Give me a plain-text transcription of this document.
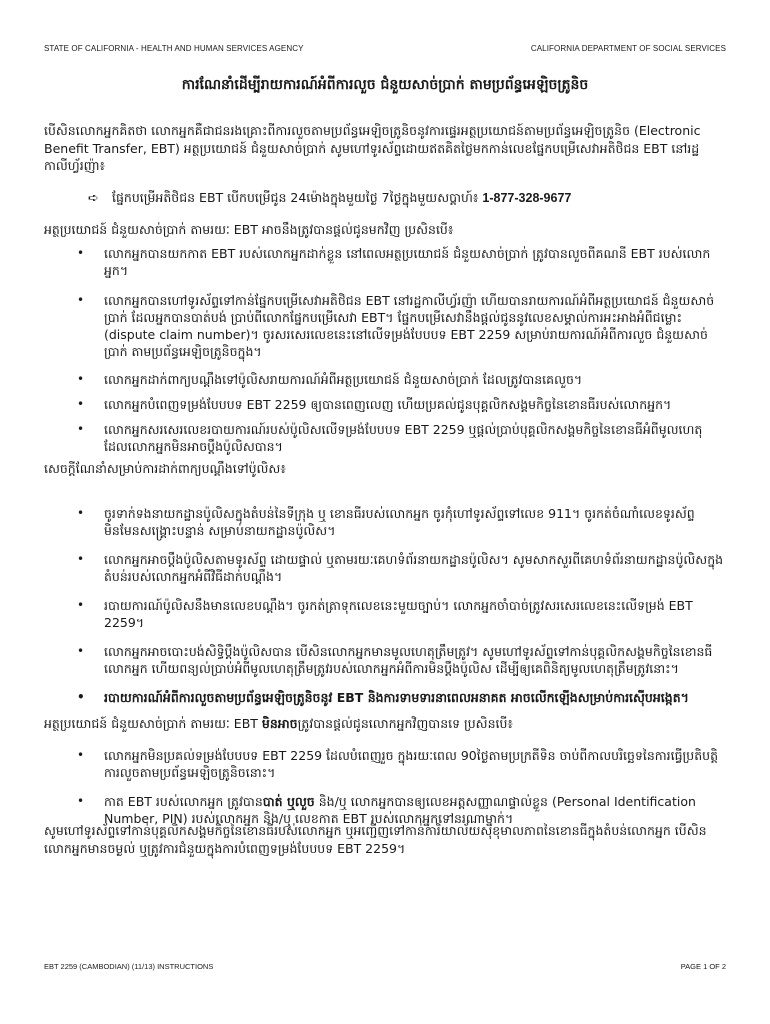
STATE OF CALIFORNIA - HEALTH AND HUMAN SERVICES AGENCY	CALIFORNIA DEPARTMENT OF SOCIAL SERVICES
ការណែនាំដើម្បីរាយការណ៍អំពីការលួច ជំនួយសាច់ប្រាក់ តាមប្រព័ន្ធអេឡិចត្រូនិច
បើសិនលោកអ្នកគិតថា លោកអ្នកគឺជាជនរងគ្រោះពីការលួចតាមប្រព័ន្ធអេឡិចត្រូនិចនូវការផ្ទេរអត្ថប្រយោជន៍តាមប្រព័ន្ធអេឡិចត្រូនិច (Electronic Benefit Transfer, EBT) អត្ថប្រយោជន៍ ជំនួយសាច់ប្រាក់ សូមហៅទូរស័ព្ទដោយឥតគិតថ្លៃមកកាន់លេខផ្នែកបម្រើសេវាអតិថិជន EBT នៅរដ្ឋកាលីហ្វ័រញ៉ា៖
➪ ផ្នែកបម្រើអតិថិជន EBT បើកបម្រើជូន 24ម៉ោងក្នុងមួយថ្ងៃ 7ថ្ងៃក្នុងមួយសប្តាហ៍៖ 1-877-328-9677
អត្ថប្រយោជន៍ ជំនួយសាច់ប្រាក់ តាមរយៈ EBT អាចនឹងត្រូវបានផ្តល់ជូនមកវិញ ប្រសិនបើ៖
• លោកអ្នកបានយកកាត EBT របស់លោកអ្នកដាក់ខ្លួន នៅពេលអត្ថប្រយោជន៍ ជំនួយសាច់ប្រាក់ ត្រូវបានលួចពីគណនី EBT របស់លោកអ្នក។
• លោកអ្នកបានហៅទូរស័ព្ទទៅកាន់ផ្នែកបម្រើសេវាអតិថិជន EBT នៅរដ្ឋកាលីហ្វ័រញ៉ា ហើយបានរាយការណ៍អំពីអត្ថប្រយោជន៍ ជំនួយសាច់ប្រាក់ ដែលអ្នកបានបាត់បង់ ប្រាប់ពីលោកផ្នែកបម្រើសេវា EBT។ ផ្នែកបម្រើសេវានឹងផ្តល់ជូននូវលេខសម្គាល់ការអះអាងអំពីជម្លោះ (dispute claim number)។ ចូរសរសេរលេខនេះនៅលើទម្រង់បែបបទ EBT 2259 សម្រាប់រាយការណ៍អំពីការលួច ជំនួយសាច់ប្រាក់ តាមប្រព័ន្ធអេឡិចត្រូនិចក្នុង។
• លោកអ្នកដាក់ពាក្យបណ្តឹងទៅប៉ូលិសរាយការណ៍អំពីអត្ថប្រយោជន៍ ជំនួយសាច់ប្រាក់ ដែលត្រូវបានគេលួច។
• លោកអ្នកបំពេញទម្រង់បែបបទ EBT 2259 ឲ្យបានពេញលេញ ហើយប្រគល់ជូនបុគ្គលិកសង្គមកិច្ចនៃខោនធីរបស់លោកអ្នក។
• លោកអ្នកសរសេរលេខរបាយការណ៍របស់ប៉ូលិសលើទម្រង់បែបបទ EBT 2259 ឬផ្តល់ប្រាប់បុគ្គលិកសង្គមកិច្ចនៃខោនធីអំពីមូលហេតុ ដែលលោកអ្នកមិនអាចប្តឹងប៉ូលិសបាន។
សេចក្តីណែនាំសម្រាប់ការដាក់ពាក្យបណ្តឹងទៅប៉ូលិស៖
• ចូរទាក់ទងនាយកដ្ឋានប៉ូលិសក្នុងតំបន់នៃទីក្រុង ឬ ខោនធីរបស់លោកអ្នក ចូរកុំហៅទូរស័ព្ទទៅលេខ 911។ ចូរកត់ចំណាំលេខទូរស័ព្ទមិនមែនសង្គ្រោះបន្ទាន់ សម្រាប់នាយកដ្ឋានប៉ូលិស។
• លោកអ្នកអាចប្តឹងប៉ូលិសតាមទូរស័ព្ទ ដោយផ្ទាល់ ឬតាមរយៈគេហទំព័រនាយកដ្ឋានប៉ូលិស។ សូមសាកសួរពីគេហទំព័រនាយកដ្ឋានប៉ូលិសក្នុងតំបន់របស់លោកអ្នកអំពីវិធីដាក់បណ្តឹង។
• របាយការណ៍ប៉ូលិសនឹងមានលេខបណ្តឹង។ ចូរកត់ត្រាទុកលេខនេះមួយច្បាប់។ លោកអ្នកចាំបាច់ត្រូវសរសេរលេខនេះលើទម្រង់ EBT 2259។
• លោកអ្នកអាចបោះបង់សិទ្ធិប្តឹងប៉ូលិសបាន បើសិនលោកអ្នកមានមូលហេតុត្រឹមត្រូវ។ សូមហៅទូរស័ព្ទទៅកាន់បុគ្គលិកសង្គមកិច្ចនៃខោនធីលោកអ្នក ហើយពន្យល់ប្រាប់អំពីមូលហេតុត្រឹមត្រូវរបស់លោកអ្នកអំពីការមិនប្តឹងប៉ូលិស ដើម្បីឲ្យគេពិនិត្យមូលហេតុត្រឹមត្រូវនោះ។
• របាយការណ៍អំពីការលួចតាមប្រព័ន្ធអេឡិចត្រូនិចនូវ EBT និងការទាមទារនាពេលអនាគត អាចលើកឡើងសម្រាប់ការស៊ើបអង្កេត។
អត្ថប្រយោជន៍ ជំនួយសាច់ប្រាក់ តាមរយៈ EBT មិនអាចត្រូវបានផ្តល់ជូនលោកអ្នកវិញបានទេ ប្រសិនបើ៖
• លោកអ្នកមិនប្រគល់ទម្រង់បែបបទ EBT 2259 ដែលបំពេញរួច ក្នុងរយៈពេល 90ថ្ងៃតាមប្រក្រតីទិន ចាប់ពីកាលបរិច្ឆេទនៃការធ្វើប្រតិបត្តិការលួចតាមប្រព័ន្ធអេឡិចត្រូនិចនោះ។
• កាត EBT របស់លោកអ្នក ត្រូវបានបាត់ ឬលួច និង/ឬ លោកអ្នកបានឲ្យលេខអត្តសញ្ញាណផ្ទាល់ខ្លួន (Personal Identification Number, PIN) របស់លោកអ្នក និង/ឬ លេខកាត EBT របស់លោកអ្នកទៅនរណាម្នាក់។
សូមហៅទូរស័ព្ទទៅកាន់បុគ្គលិកសង្គមកិច្ចនៃខោនធីរបស់លោកអ្នក ឬអញ្ជើញទៅកាន់ការិយាល័យសុខុមាលភាពនៃខោនធីក្នុងតំបន់លោកអ្នក បើសិនលោកអ្នកមានចម្ងល់ ឬត្រូវការជំនួយក្នុងការបំពេញទម្រង់បែបបទ EBT 2259។
EBT 2259 (CAMBODIAN) (11/13) INSTRUCTIONS	PAGE 1 OF 2
